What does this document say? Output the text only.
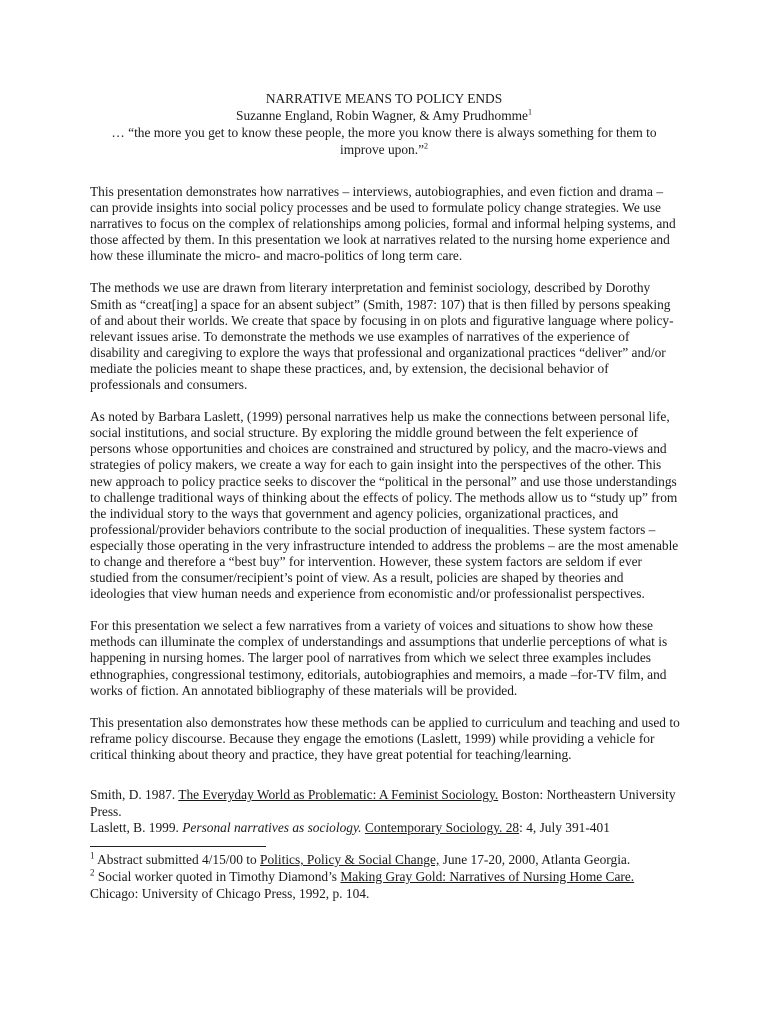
NARRATIVE MEANS TO POLICY ENDS
Suzanne England, Robin Wagner, & Amy Prudhomme$^1$
… “the more you get to know these people, the more you know there is always something for them to improve upon.”$^2$

This presentation demonstrates how narratives – interviews, autobiographies, and even fiction and drama – can provide insights into social policy processes and be used to formulate policy change strategies. We use narratives to focus on the complex of relationships among policies, formal and informal helping systems, and those affected by them. In this presentation we look at narratives related to the nursing home experience and how these illuminate the micro- and macro-politics of long term care.

The methods we use are drawn from literary interpretation and feminist sociology, described by Dorothy Smith as “creat[ing] a space for an absent subject” (Smith, 1987: 107) that is then filled by persons speaking of and about their worlds. We create that space by focusing in on plots and figurative language where policy-relevant issues arise. To demonstrate the methods we use examples of narratives of the experience of disability and caregiving to explore the ways that professional and organizational practices “deliver” and/or mediate the policies meant to shape these practices, and, by extension, the decisional behavior of professionals and consumers.

As noted by Barbara Laslett, (1999) personal narratives help us make the connections between personal life, social institutions, and social structure. By exploring the middle ground between the felt experience of persons whose opportunities and choices are constrained and structured by policy, and the macro-views and strategies of policy makers, we create a way for each to gain insight into the perspectives of the other. This new approach to policy practice seeks to discover the “political in the personal” and use those understandings to challenge traditional ways of thinking about the effects of policy. The methods allow us to “study up” from the individual story to the ways that government and agency policies, organizational practices, and professional/provider behaviors contribute to the social production of inequalities. These system factors – especially those operating in the very infrastructure intended to address the problems – are the most amenable to change and therefore a “best buy” for intervention. However, these system factors are seldom if ever studied from the consumer/recipient’s point of view. As a result, policies are shaped by theories and ideologies that view human needs and experience from economistic and/or professionalist perspectives.

For this presentation we select a few narratives from a variety of voices and situations to show how these methods can illuminate the complex of understandings and assumptions that underlie perceptions of what is happening in nursing homes. The larger pool of narratives from which we select three examples includes ethnographies, congressional testimony, editorials, autobiographies and memoirs, a made –for-TV film, and works of fiction. An annotated bibliography of these materials will be provided.

This presentation also demonstrates how these methods can be applied to curriculum and teaching and used to reframe policy discourse. Because they engage the emotions (Laslett, 1999) while providing a vehicle for critical thinking about theory and practice, they have great potential for teaching/learning.

Smith, D. 1987. The Everyday World as Problematic: A Feminist Sociology. Boston: Northeastern University Press.

Laslett, B. 1999. Personal narratives as sociology. Contemporary Sociology. 28: 4, July 391-401

$^1$ Abstract submitted 4/15/00 to Politics, Policy & Social Change, June 17-20, 2000, Atlanta Georgia.

$^2$ Social worker quoted in Timothy Diamond’s Making Gray Gold: Narratives of Nursing Home Care.
Chicago: University of Chicago Press, 1992, p. 104.
